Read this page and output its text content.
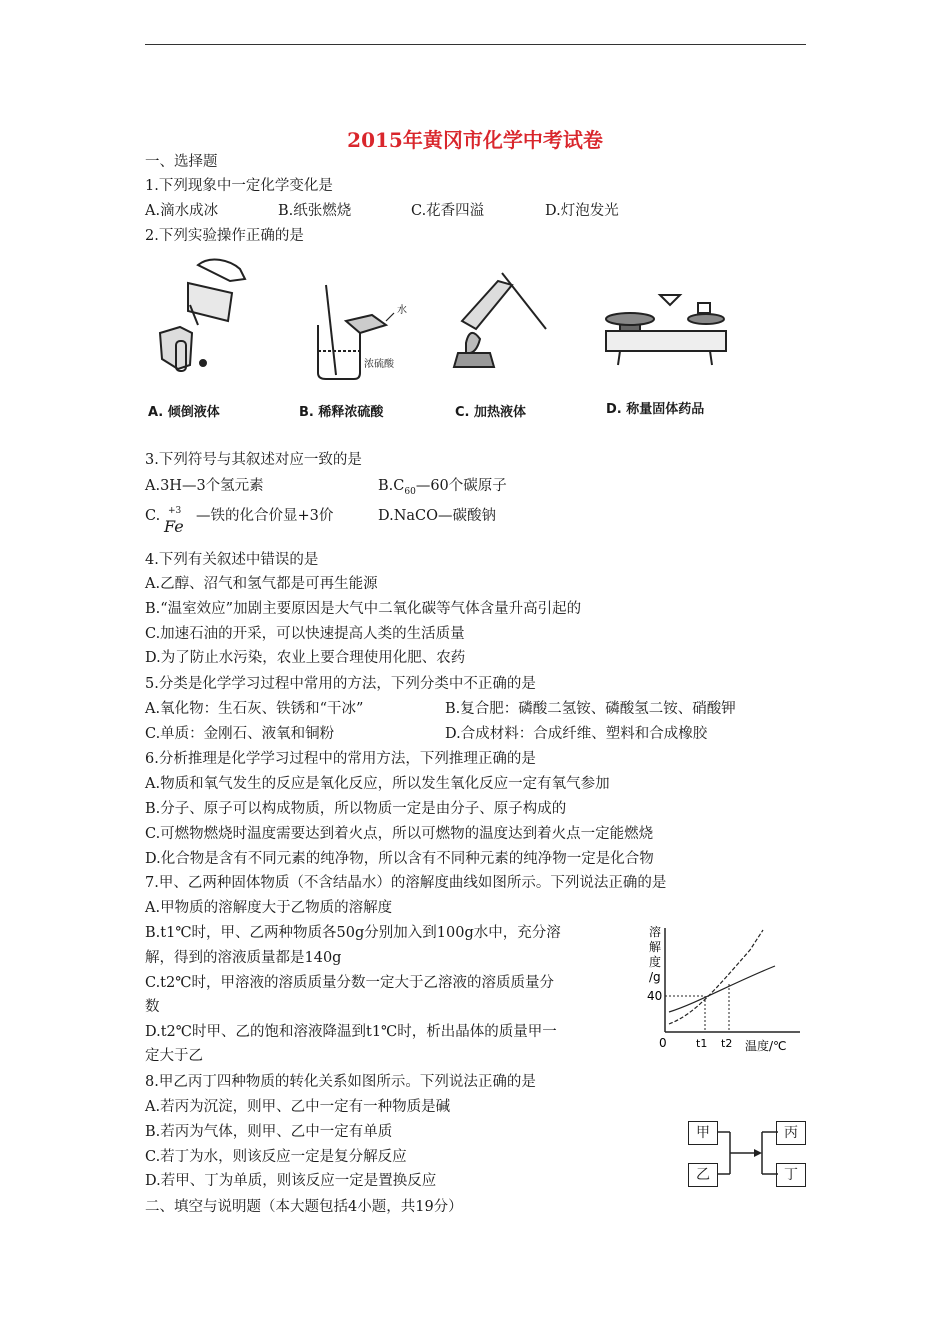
2015年黄冈市化学中考试卷
一、选择题
1.下列现象中一定化学变化是
A.滴水成冰	B.纸张燃烧	C.花香四溢	D.灯泡发光
2.下列实验操作正确的是
水
浓硫酸
A. 倾倒液体	B. 稀释浓硫酸	C. 加热液体	D. 称量固体药品
3.下列符号与其叙述对应一致的是
A.3H—3个氢元素	$B.C_{60}—60$个碳原子
C. +3
Fe
—铁的化合价显+3价	D.NaCO—碳酸钠
4.下列有关叙述中错误的是
A.乙醇、沼气和氢气都是可再生能源
B.“温室效应”加剧主要原因是大气中二氧化碳等气体含量升高引起的
C.加速石油的开采，可以快速提高人类的生活质量
D.为了防止水污染，农业上要合理使用化肥、农药
5.分类是化学学习过程中常用的方法，下列分类中不正确的是
A.氧化物：生石灰、铁锈和“干冰”	B.复合肥：磷酸二氢铵、磷酸氢二铵、硝酸钾
C.单质：金刚石、液氧和铜粉	D.合成材料：合成纤维、塑料和合成橡胶
6.分析推理是化学学习过程中的常用方法，下列推理正确的是
A.物质和氧气发生的反应是氧化反应，所以发生氧化反应一定有氧气参加
B.分子、原子可以构成物质，所以物质一定是由分子、原子构成的
C.可燃物燃烧时温度需要达到着火点，所以可燃物的温度达到着火点一定能燃烧
D.化合物是含有不同元素的纯净物，所以含有不同种元素的纯净物一定是化合物
7.甲、乙两种固体物质（不含结晶水）的溶解度曲线如图所示。下列说法正确的是
A.甲物质的溶解度大于乙物质的溶解度
B.t1℃时，甲、乙两种物质各50g分别加入到100g水中，充分溶
解，得到的溶液质量都是140g
C.t2℃时，甲溶液的溶质质量分数一定大于乙溶液的溶质质量分
数
D.t2℃时甲、乙的饱和溶液降温到t1℃时，析出晶体的质量甲一
定大于乙
溶
解
度
/g
40
0	t1 t2 温度/℃
8.甲乙丙丁四种物质的转化关系如图所示。下列说法正确的是
A.若丙为沉淀，则甲、乙中一定有一种物质是碱
B.若丙为气体，则甲、乙中一定有单质
C.若丁为水，则该反应一定是复分解反应
D.若甲、丁为单质，则该反应一定是置换反应
甲
乙
丙
丁
二、填空与说明题（本大题包括4小题，共19分）
